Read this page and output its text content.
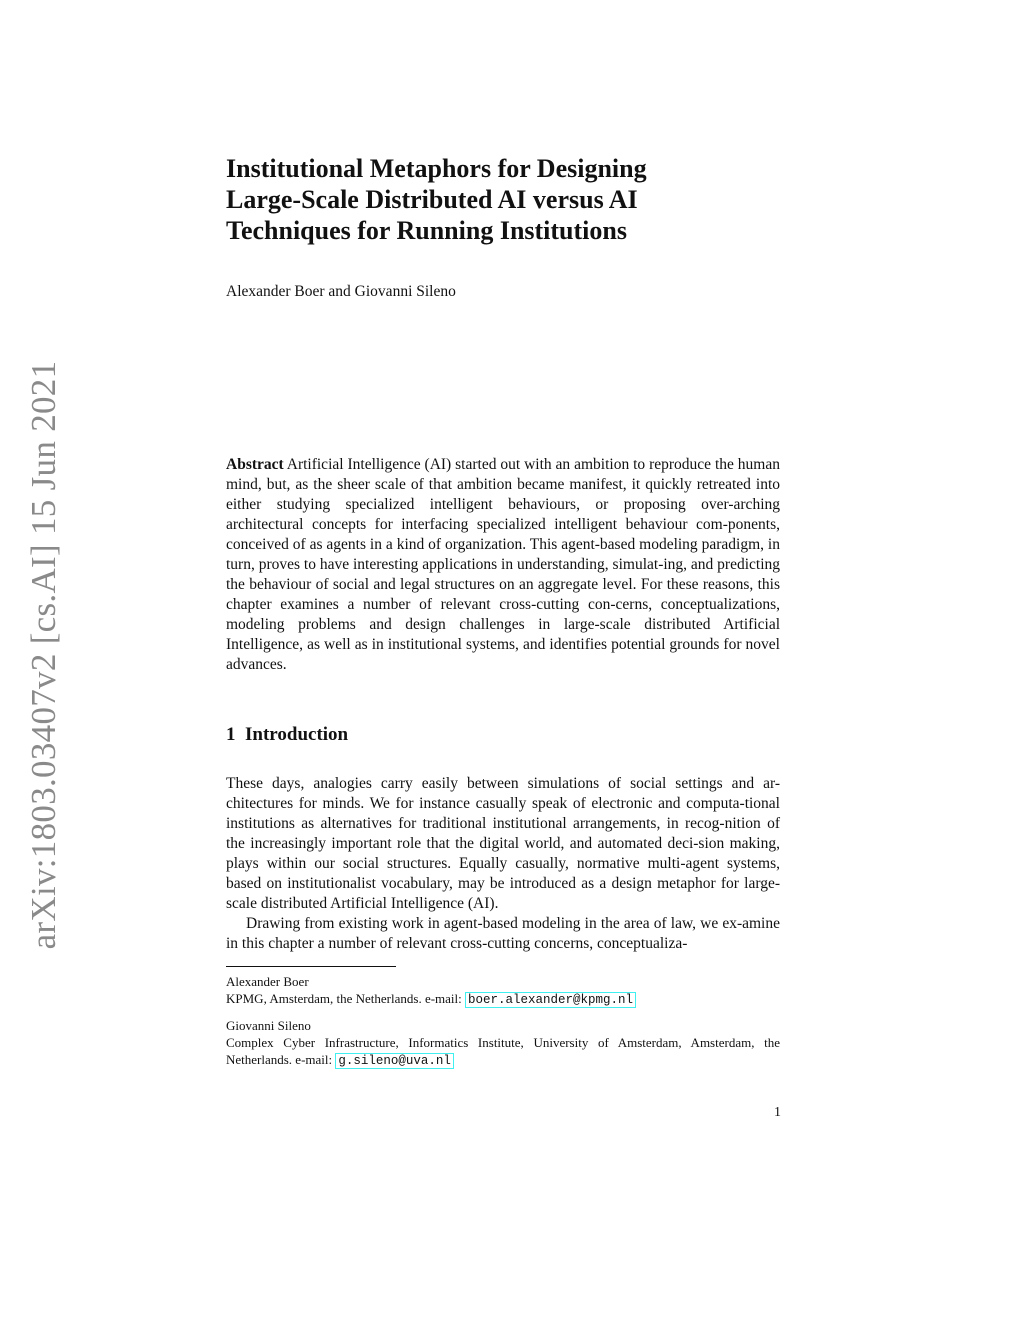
arXiv:1803.03407v2 [cs.AI] 15 Jun 2021
Institutional Metaphors for Designing
Large-Scale Distributed AI versus AI
Techniques for Running Institutions

Alexander Boer and Giovanni Sileno

Abstract Artificial Intelligence (AI) started out with an ambition to reproduce the human mind, but, as the sheer scale of that ambition became manifest, it quickly retreated into either studying specialized intelligent behaviours, or proposing over-arching architectural concepts for interfacing specialized intelligent behaviour com-ponents, conceived of as agents in a kind of organization. This agent-based modeling paradigm, in turn, proves to have interesting applications in understanding, simulat-ing, and predicting the behaviour of social and legal structures on an aggregate level. For these reasons, this chapter examines a number of relevant cross-cutting con-cerns, conceptualizations, modeling problems and design challenges in large-scale distributed Artificial Intelligence, as well as in institutional systems, and identifies potential grounds for novel advances.

1 Introduction

These days, analogies carry easily between simulations of social settings and ar-chitectures for minds. We for instance casually speak of electronic and computa-tional institutions as alternatives for traditional institutional arrangements, in recog-nition of the increasingly important role that the digital world, and automated deci-sion making, plays within our social structures. Equally casually, normative multi-agent systems, based on institutionalist vocabulary, may be introduced as a design metaphor for large-scale distributed Artificial Intelligence (AI).

Drawing from existing work in agent-based modeling in the area of law, we ex-amine in this chapter a number of relevant cross-cutting concerns, conceptualiza-

Alexander Boer
KPMG, Amsterdam, the Netherlands. e-mail: boer.alexander@kpmg.nl
Giovanni Sileno
Complex Cyber Infrastructure, Informatics Institute, University of Amsterdam, Amsterdam, the Netherlands. e-mail: g.sileno@uva.nl
1
